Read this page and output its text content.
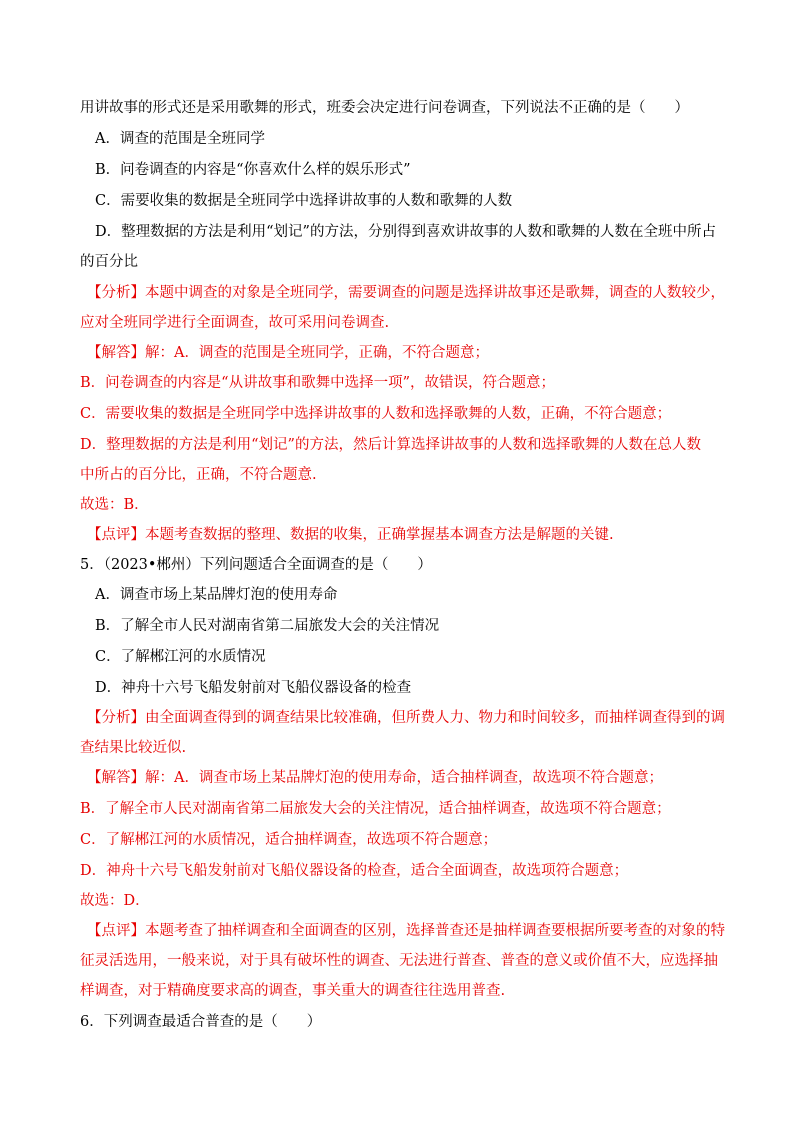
用讲故事的形式还是采用歌舞的形式，班委会决定进行问卷调查，下列说法不正确的是（　　）
A．调查的范围是全班同学
B．问卷调查的内容是“你喜欢什么样的娱乐形式”
C．需要收集的数据是全班同学中选择讲故事的人数和歌舞的人数
D．整理数据的方法是利用“划记”的方法，分别得到喜欢讲故事的人数和歌舞的人数在全班中所占
的百分比
【分析】本题中调查的对象是全班同学，需要调查的问题是选择讲故事还是歌舞，调查的人数较少，
应对全班同学进行全面调查，故可采用问卷调查.
【解答】解：A．调查的范围是全班同学，正确，不符合题意；
B．问卷调查的内容是“从讲故事和歌舞中选择一项”，故错误，符合题意；
C．需要收集的数据是全班同学中选择讲故事的人数和选择歌舞的人数，正确，不符合题意；
D．整理数据的方法是利用“划记”的方法，然后计算选择讲故事的人数和选择歌舞的人数在总人数
中所占的百分比，正确，不符合题意.
故选：B．
【点评】本题考查数据的整理、数据的收集，正确掌握基本调查方法是解题的关键.
5．（2023•郴州）下列问题适合全面调查的是（　　）
A．调查市场上某品牌灯泡的使用寿命
B．了解全市人民对湖南省第二届旅发大会的关注情况
C．了解郴江河的水质情况
D．神舟十六号飞船发射前对飞船仪器设备的检查
【分析】由全面调查得到的调查结果比较准确，但所费人力、物力和时间较多，而抽样调查得到的调
查结果比较近似.
【解答】解：A．调查市场上某品牌灯泡的使用寿命，适合抽样调查，故选项不符合题意；
B．了解全市人民对湖南省第二届旅发大会的关注情况，适合抽样调查，故选项不符合题意；
C．了解郴江河的水质情况，适合抽样调查，故选项不符合题意；
D．神舟十六号飞船发射前对飞船仪器设备的检查，适合全面调查，故选项符合题意；
故选：D．
【点评】本题考查了抽样调查和全面调查的区别，选择普查还是抽样调查要根据所要考查的对象的特
征灵活选用，一般来说，对于具有破坏性的调查、无法进行普查、普查的意义或价值不大，应选择抽
样调查，对于精确度要求高的调查，事关重大的调查往往选用普查.
6．下列调查最适合普查的是（　　）
